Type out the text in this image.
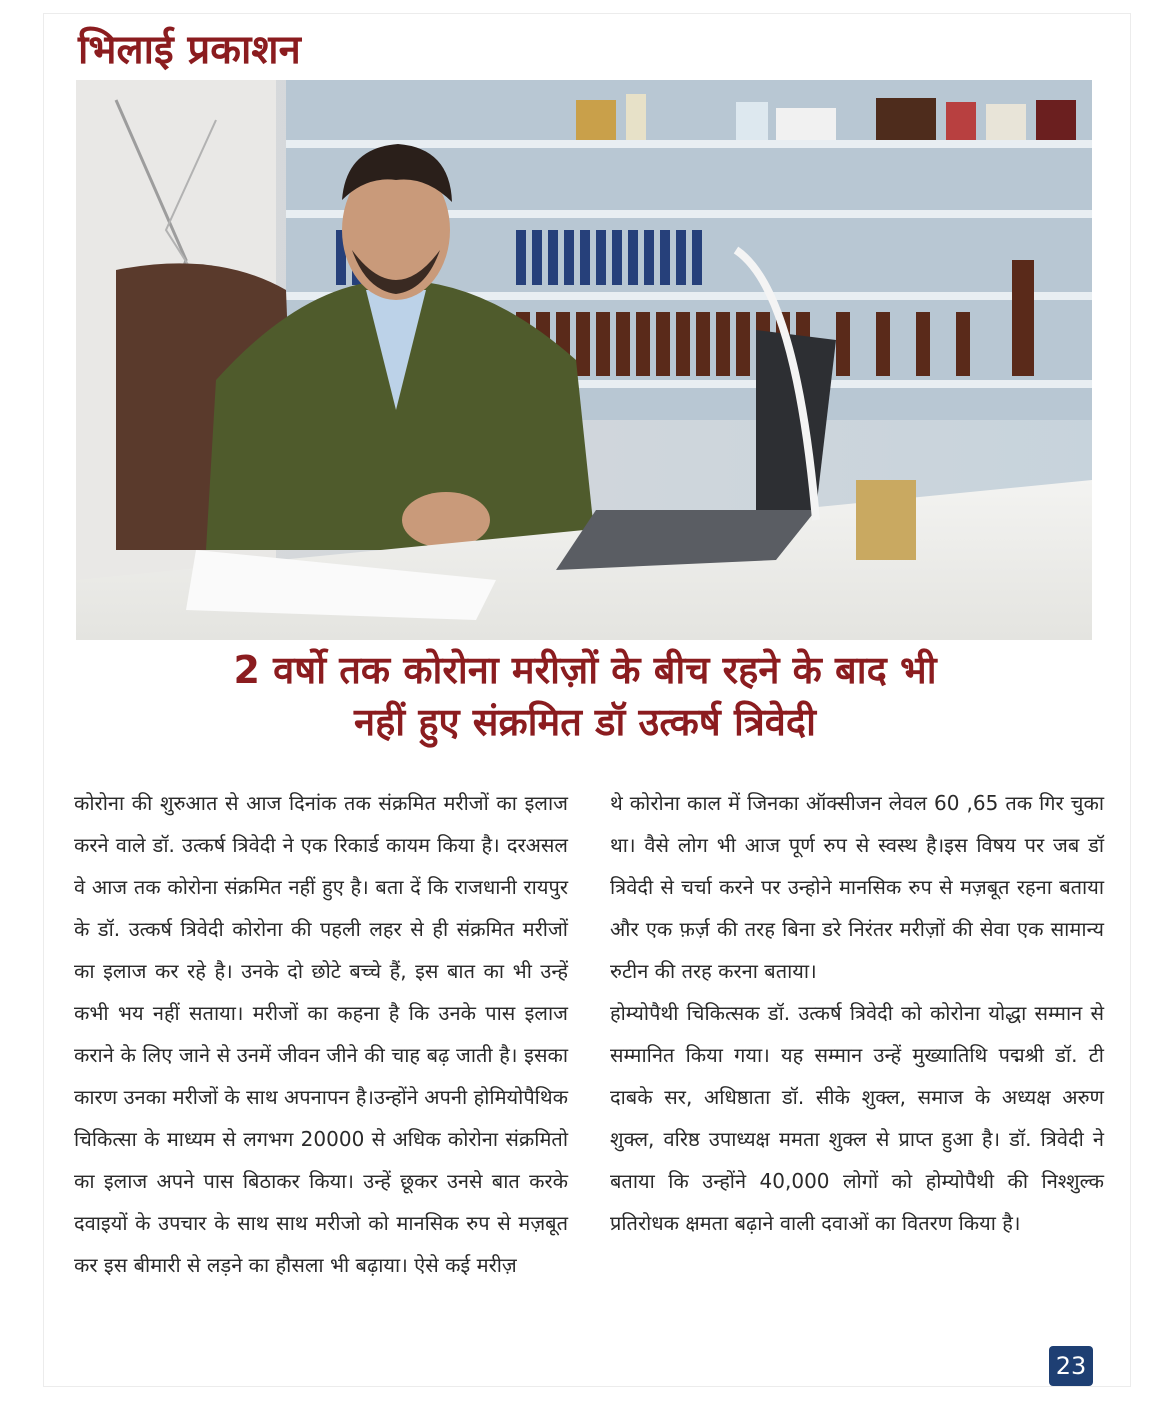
भिलाई प्रकाशन
2 वर्षो तक कोरोना मरीज़ों के बीच रहने के बाद भी
नहीं हुए संक्रमित डॉ उत्कर्ष त्रिवेदी

कोरोना की शुरुआत से आज दिनांक तक संक्रमित मरीजों का इलाज करने वाले डॉ. उत्कर्ष त्रिवेदी ने एक रिकार्ड कायम किया है। दरअसल वे आज तक कोरोना संक्रमित नहीं हुए है। बता दें कि राजधानी रायपुर के डॉ. उत्कर्ष त्रिवेदी कोरोना की पहली लहर से ही संक्रमित मरीजों का इलाज कर रहे है। उनके दो छोटे बच्चे हैं, इस बात का भी उन्हें कभी भय नहीं सताया। मरीजों का कहना है कि उनके पास इलाज कराने के लिए जाने से उनमें जीवन जीने की चाह बढ़ जाती है। इसका कारण उनका मरीजों के साथ अपनापन है।उन्होंने अपनी होमियोपैथिक चिकित्सा के माध्यम से लगभग 20000 से अधिक कोरोना संक्रमितो का इलाज अपने पास बिठाकर किया। उन्हें छूकर उनसे बात करके दवाइयों के उपचार के साथ साथ मरीजो को मानसिक रुप से मज़बूत कर इस बीमारी से लड़ने का हौसला भी बढ़ाया। ऐसे कई मरीज़

थे कोरोना काल में जिनका ऑक्सीजन लेवल 60 ,65 तक गिर चुका था। वैसे लोग भी आज पूर्ण रुप से स्वस्थ है।इस विषय पर जब डॉ त्रिवेदी से चर्चा करने पर उन्होने मानसिक रुप से मज़बूत रहना बताया और एक फ़र्ज़ की तरह बिना डरे निरंतर मरीज़ों की सेवा एक सामान्य रुटीन की तरह करना बताया।

होम्योपैथी चिकित्सक डॉ. उत्कर्ष त्रिवेदी को कोरोना योद्धा सम्मान से सम्मानित किया गया। यह सम्मान उन्हें मुख्यातिथि पद्मश्री डॉ. टी दाबके सर, अधिष्ठाता डॉ. सीके शुक्ल, समाज के अध्यक्ष अरुण शुक्ल, वरिष्ठ उपाध्यक्ष ममता शुक्ल से प्राप्त हुआ है। डॉ. त्रिवेदी ने बताया कि उन्होंने 40,000 लोगों को होम्योपैथी की निश्शुल्क प्रतिरोधक क्षमता बढ़ाने वाली दवाओं का वितरण किया है।

23
